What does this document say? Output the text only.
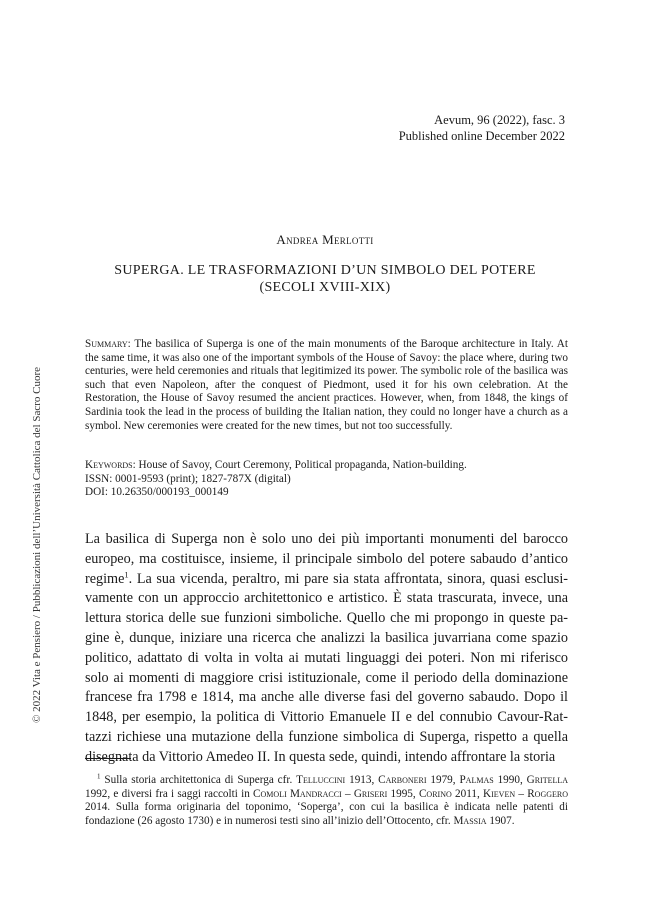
Aevum, 96 (2022), fasc. 3
Published online December 2022
Andrea Merlotti
SUPERGA. LE TRASFORMAZIONI D’UN SIMBOLO DEL POTERE
(SECOLI XVIII-XIX)
Summary: The basilica of Superga is one of the main monuments of the Baroque architecture in Italy. At the same time, it was also one of the important symbols of the House of Savoy: the place where, during two centuries, were held ceremonies and rituals that legitimized its power. The symbolic role of the basilica was such that even Napoleon, after the conquest of Piedmont, used it for his own celebration. At the Restoration, the House of Savoy resumed the ancient practices. However, when, from 1848, the kings of Sardinia took the lead in the process of building the Italian nation, they could no longer have a church as a symbol. New ceremonies were created for the new times, but not too successfully.
Keywords: House of Savoy, Court Ceremony, Political propaganda, Nation-building.
ISSN: 0001-9593 (print); 1827-787X (digital)
DOI: 10.26350/000193_000149
La basilica di Superga non è solo uno dei più importanti monumenti del barocco europeo, ma costituisce, insieme, il principale simbolo del potere sabaudo d’antico regime$^1$. La sua vicenda, peraltro, mi pare sia stata affrontata, sinora, quasi esclusivamente con un approccio architettonico e artistico. È stata trascurata, invece, una lettura storica delle sue funzioni simboliche. Quello che mi propongo in queste pagine è, dunque, iniziare una ricerca che analizzi la basilica juvarriana come spazio politico, adattato di volta in volta ai mutati linguaggi dei poteri. Non mi riferisco solo ai momenti di maggiore crisi istituzionale, come il periodo della dominazione francese fra 1798 e 1814, ma anche alle diverse fasi del governo sabaudo. Dopo il 1848, per esempio, la politica di Vittorio Emanuele II e del connubio Cavour-Rattazzi richiese una mutazione della funzione simbolica di Superga, rispetto a quella disegnata da Vittorio Amedeo II. In questa sede, quindi, intendo affrontare la storia
$^1$ Sulla storia architettonica di Superga cfr. Telluccini 1913, Carboneri 1979, Palmas 1990, Gritella 1992, e diversi fra i saggi raccolti in Comoli Mandracci – Griseri 1995, Corino 2011, Kieven – Roggero 2014. Sulla forma originaria del toponimo, ‘Soperga’, con cui la basilica è indicata nelle patenti di fondazione (26 agosto 1730) e in numerosi testi sino all’inizio dell’Ottocento, cfr. Massia 1907.
© 2022 Vita e Pensiero / Pubblicazioni dell’Università Cattolica del Sacro Cuore
